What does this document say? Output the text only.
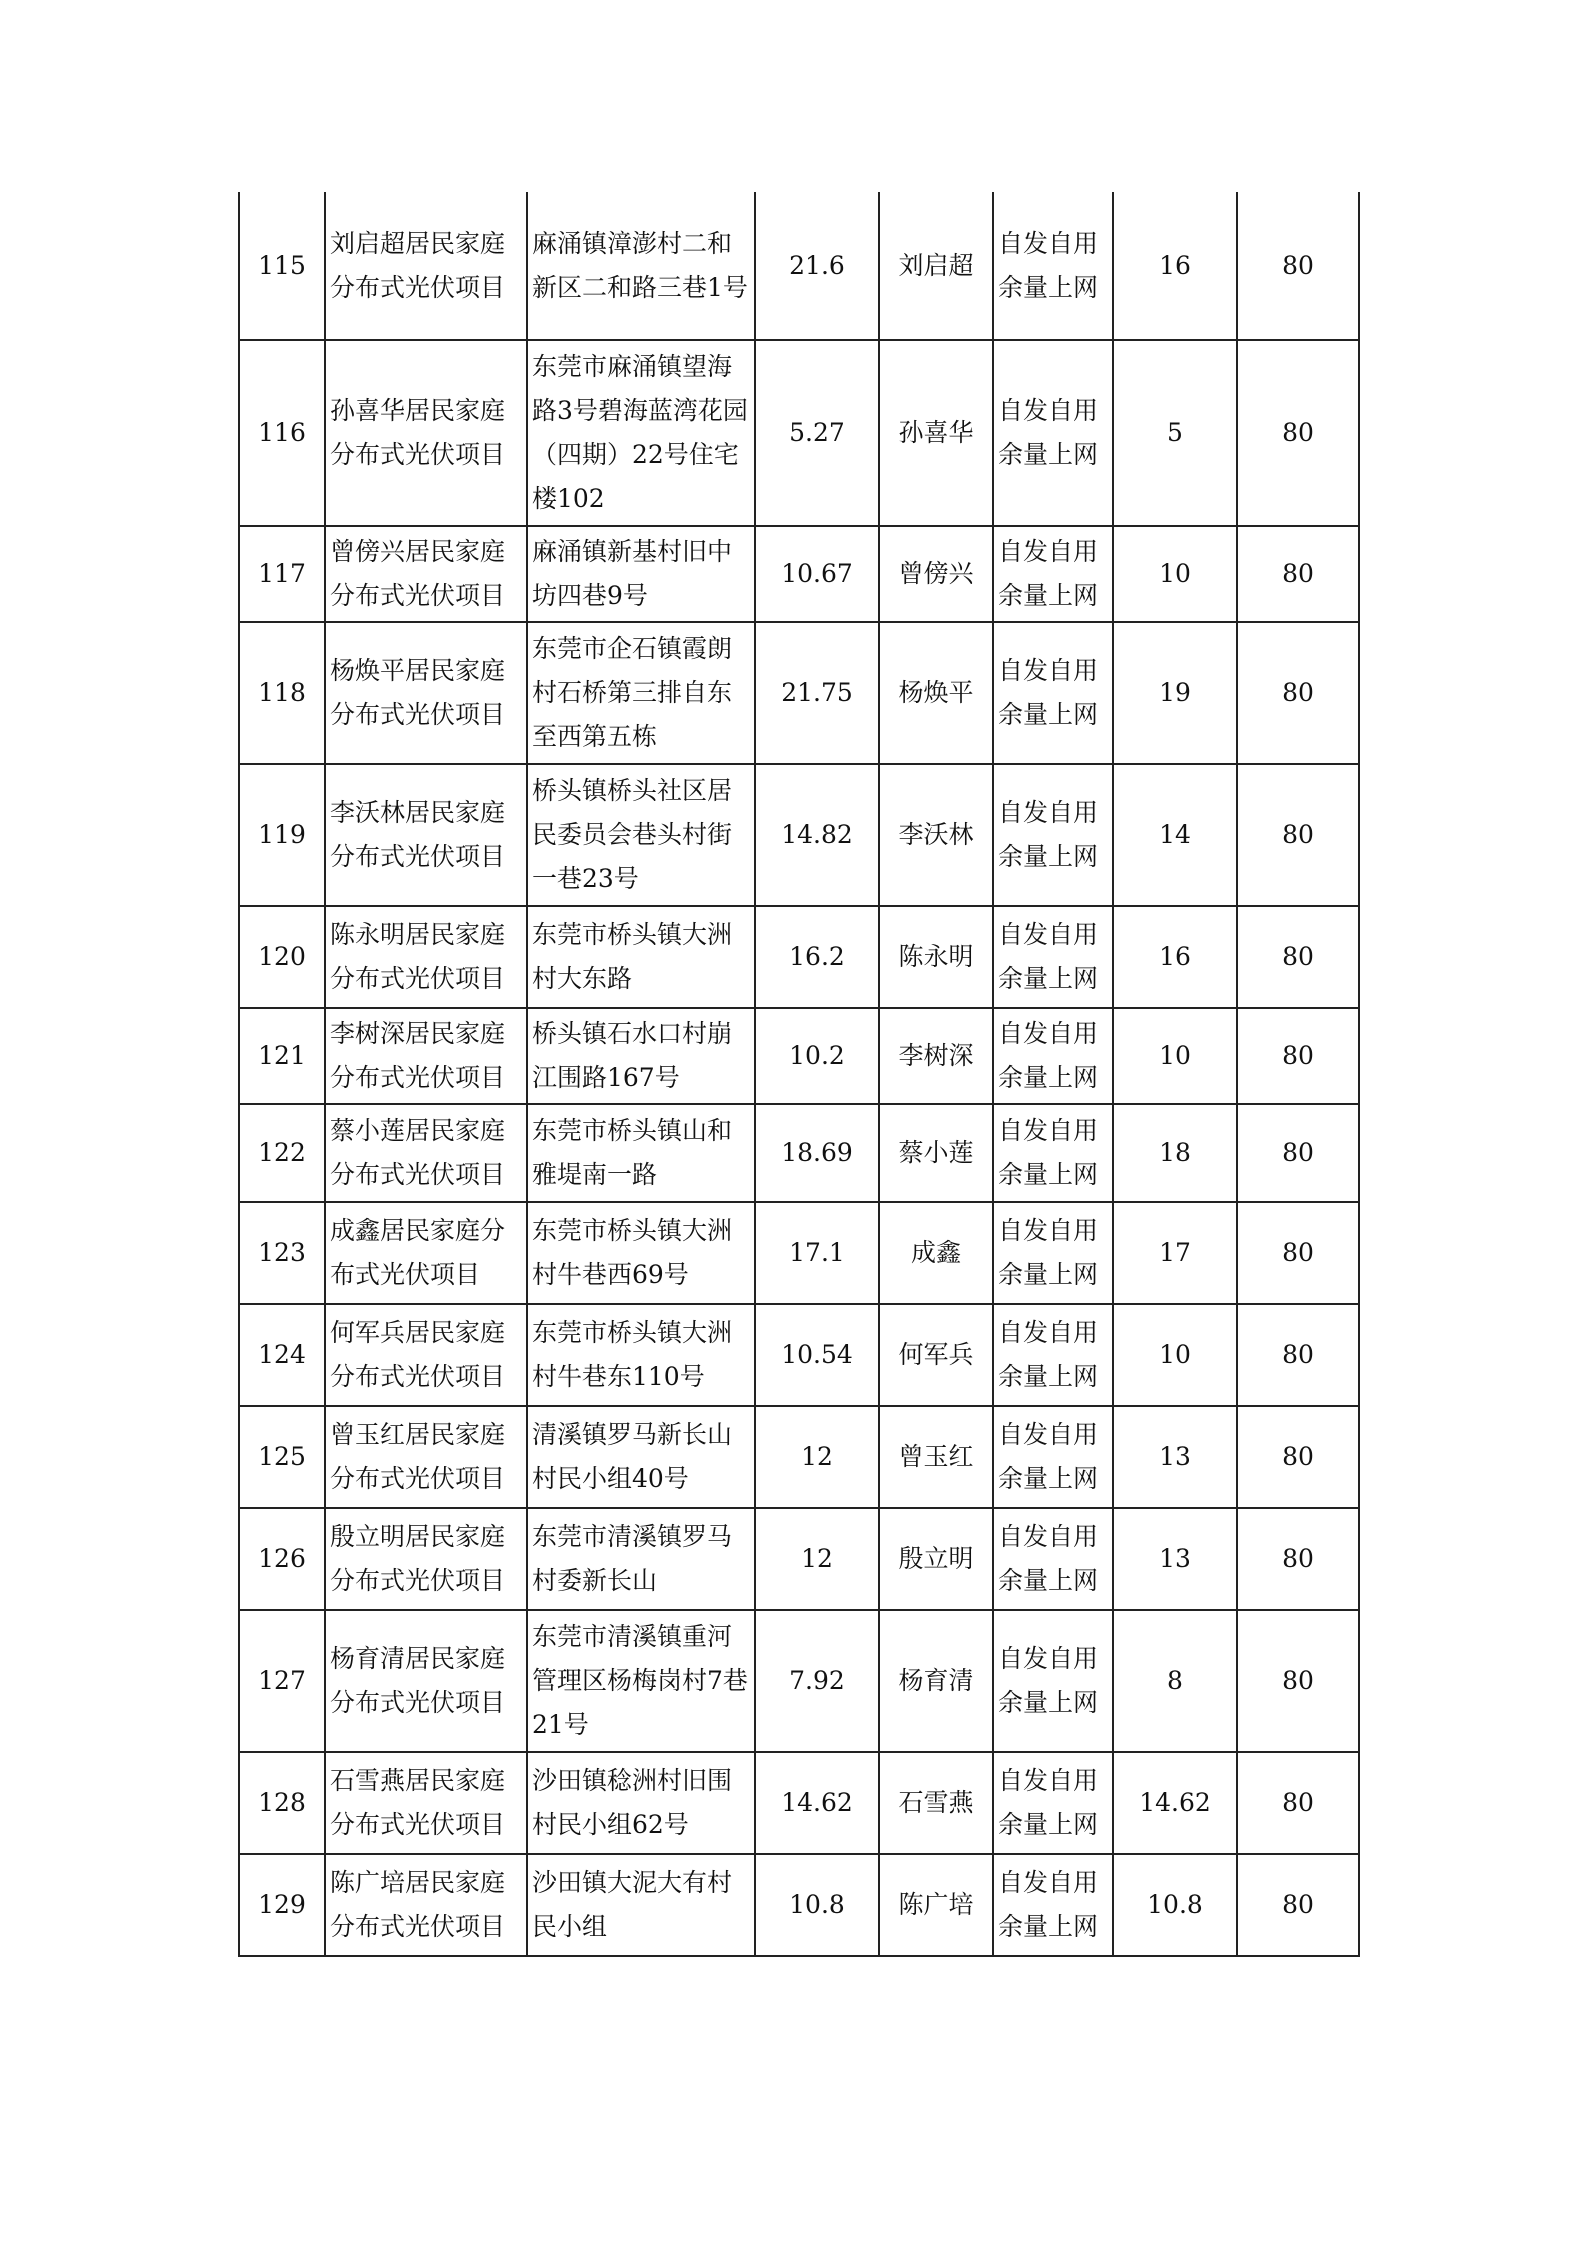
115	刘启超居民家庭分布式光伏项目	麻涌镇漳澎村二和新区二和路三巷1号	21.6	刘启超	自发自用余量上网	16	80
116	孙喜华居民家庭分布式光伏项目	东莞市麻涌镇望海路3号碧海蓝湾花园（四期）22号住宅楼102	5.27	孙喜华	自发自用余量上网	5	80
117	曾傍兴居民家庭分布式光伏项目	麻涌镇新基村旧中坊四巷9号	10.67	曾傍兴	自发自用余量上网	10	80
118	杨焕平居民家庭分布式光伏项目	东莞市企石镇霞朗村石桥第三排自东至西第五栋	21.75	杨焕平	自发自用余量上网	19	80
119	李沃林居民家庭分布式光伏项目	桥头镇桥头社区居民委员会巷头村街一巷23号	14.82	李沃林	自发自用余量上网	14	80
120	陈永明居民家庭分布式光伏项目	东莞市桥头镇大洲村大东路	16.2	陈永明	自发自用余量上网	16	80
121	李树深居民家庭分布式光伏项目	桥头镇石水口村崩江围路167号	10.2	李树深	自发自用余量上网	10	80
122	蔡小莲居民家庭分布式光伏项目	东莞市桥头镇山和雅堤南一路	18.69	蔡小莲	自发自用余量上网	18	80
123	成鑫居民家庭分布式光伏项目	东莞市桥头镇大洲村牛巷西69号	17.1	成鑫	自发自用余量上网	17	80
124	何军兵居民家庭分布式光伏项目	东莞市桥头镇大洲村牛巷东110号	10.54	何军兵	自发自用余量上网	10	80
125	曾玉红居民家庭分布式光伏项目	清溪镇罗马新长山村民小组40号	12	曾玉红	自发自用余量上网	13	80
126	殷立明居民家庭分布式光伏项目	东莞市清溪镇罗马村委新长山	12	殷立明	自发自用余量上网	13	80
127	杨育清居民家庭分布式光伏项目	东莞市清溪镇重河管理区杨梅岗村7巷21号	7.92	杨育清	自发自用余量上网	8	80
128	石雪燕居民家庭分布式光伏项目	沙田镇稔洲村旧围村民小组62号	14.62	石雪燕	自发自用余量上网	14.62	80
129	陈广培居民家庭分布式光伏项目	沙田镇大泥大有村民小组	10.8	陈广培	自发自用余量上网	10.8	80
